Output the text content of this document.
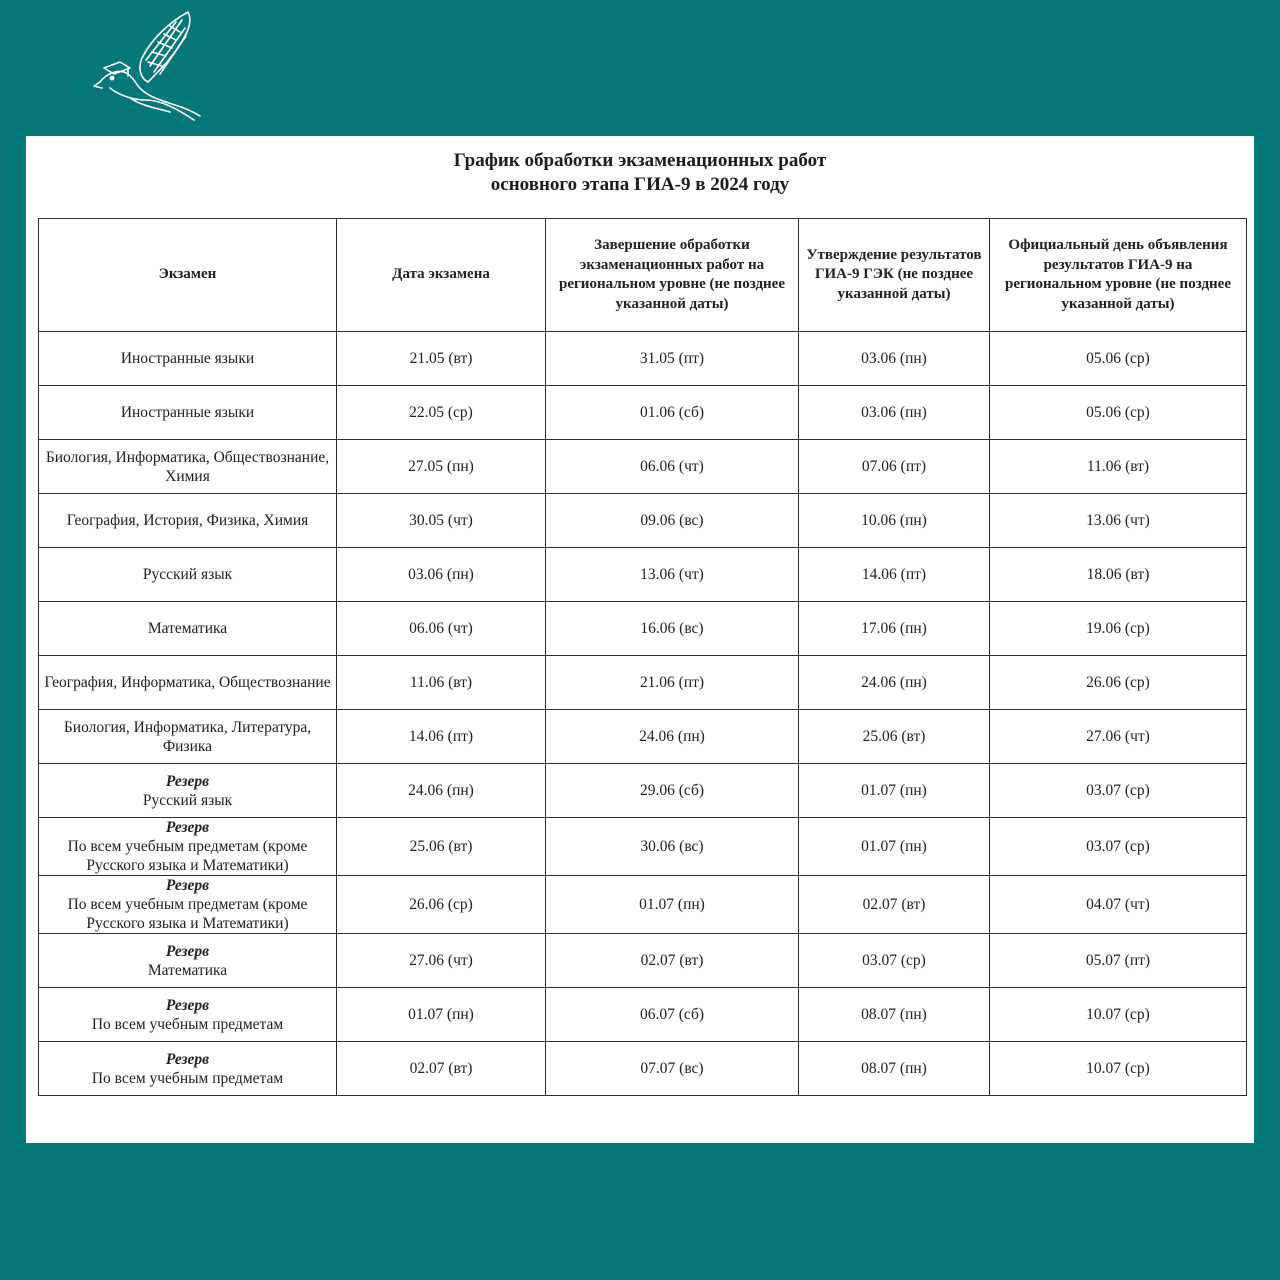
График обработки экзаменационных работ
основного этапа ГИА-9 в 2024 году
Экзамен	Дата экзамена	Завершение обработки экзаменационных работ на региональном уровне (не позднее указанной даты)	Утверждение результатов ГИА-9 ГЭК (не позднее указанной даты)	Официальный день объявления результатов ГИА-9 на региональном уровне (не позднее указанной даты)

Иностранные языки	21.05 (вт)	31.05 (пт)	03.06 (пн)	05.06 (ср)

Иностранные языки	22.05 (ср)	01.06 (сб)	03.06 (пн)	05.06 (ср)

Биология, Информатика, Обществознание, Химия	27.05 (пн)	06.06 (чт)	07.06 (пт)	11.06 (вт)

География, История, Физика, Химия	30.05 (чт)	09.06 (вс)	10.06 (пн)	13.06 (чт)

Русский язык	03.06 (пн)	13.06 (чт)	14.06 (пт)	18.06 (вт)

Математика	06.06 (чт)	16.06 (вс)	17.06 (пн)	19.06 (ср)

География, Информатика, Обществознание	11.06 (вт)	21.06 (пт)	24.06 (пн)	26.06 (ср)

Биология, Информатика, Литература, Физика	14.06 (пт)	24.06 (пн)	25.06 (вт)	27.06 (чт)

Резерв
Русский язык	24.06 (пн)	29.06 (сб)	01.07 (пн)	03.07 (ср)

Резерв
По всем учебным предметам (кроме Русского языка и Математики)	25.06 (вт)	30.06 (вс)	01.07 (пн)	03.07 (ср)

Резерв
По всем учебным предметам (кроме Русского языка и Математики)	26.06 (ср)	01.07 (пн)	02.07 (вт)	04.07 (чт)

Резерв
Математика	27.06 (чт)	02.07 (вт)	03.07 (ср)	05.07 (пт)

Резерв
По всем учебным предметам	01.07 (пн)	06.07 (сб)	08.07 (пн)	10.07 (ср)

Резерв
По всем учебным предметам	02.07 (вт)	07.07 (вс)	08.07 (пн)	10.07 (ср)
